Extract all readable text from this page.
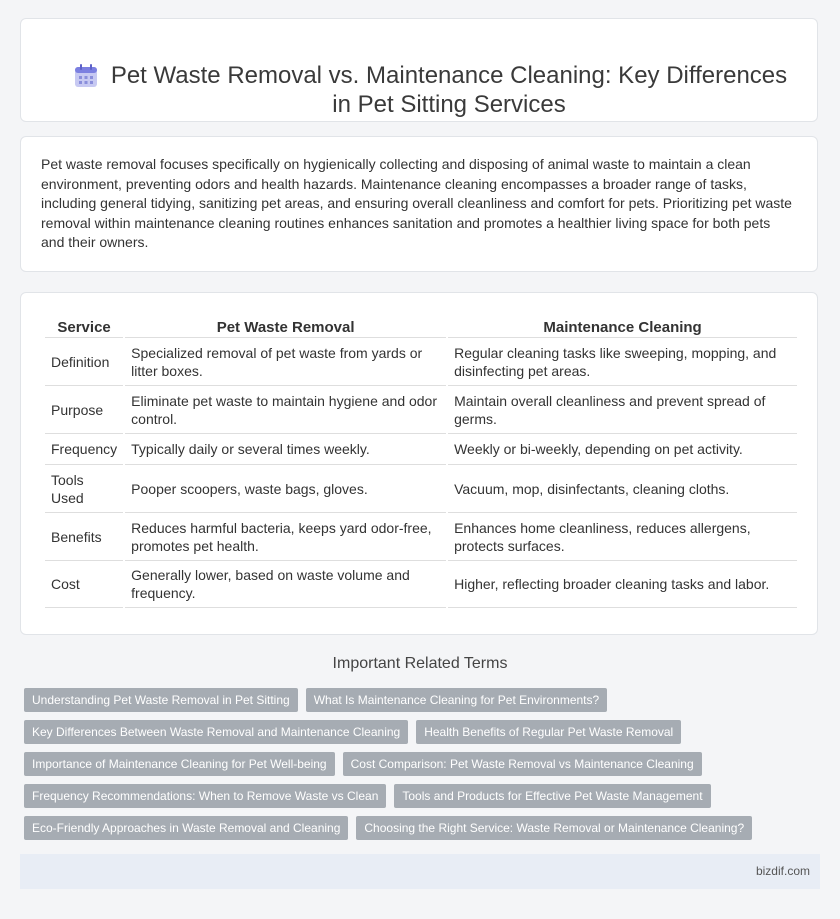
Pet Waste Removal vs. Maintenance Cleaning: Key Differences in Pet Sitting Services

Pet waste removal focuses specifically on hygienically collecting and disposing of animal waste to maintain a clean environment, preventing odors and health hazards. Maintenance cleaning encompasses a broader range of tasks, including general tidying, sanitizing pet areas, and ensuring overall cleanliness and comfort for pets. Prioritizing pet waste removal within maintenance cleaning routines enhances sanitation and promotes a healthier living space for both pets and their owners.

Service	Pet Waste Removal	Maintenance Cleaning
Definition	Specialized removal of pet waste from yards or litter boxes.	Regular cleaning tasks like sweeping, mopping, and disinfecting pet areas.
Purpose	Eliminate pet waste to maintain hygiene and odor control.	Maintain overall cleanliness and prevent spread of germs.
Frequency	Typically daily or several times weekly.	Weekly or bi-weekly, depending on pet activity.
Tools Used	Pooper scoopers, waste bags, gloves.	Vacuum, mop, disinfectants, cleaning cloths.
Benefits	Reduces harmful bacteria, keeps yard odor-free, promotes pet health.	Enhances home cleanliness, reduces allergens, protects surfaces.
Cost	Generally lower, based on waste volume and frequency.	Higher, reflecting broader cleaning tasks and labor.
Important Related Terms
Understanding Pet Waste Removal in Pet Sitting	What Is Maintenance Cleaning for Pet Environments?
Key Differences Between Waste Removal and Maintenance Cleaning	Health Benefits of Regular Pet Waste Removal
Importance of Maintenance Cleaning for Pet Well-being	Cost Comparison: Pet Waste Removal vs Maintenance Cleaning
Frequency Recommendations: When to Remove Waste vs Clean	Tools and Products for Effective Pet Waste Management
Eco-Friendly Approaches in Waste Removal and Cleaning	Choosing the Right Service: Waste Removal or Maintenance Cleaning?
bizdif.com
